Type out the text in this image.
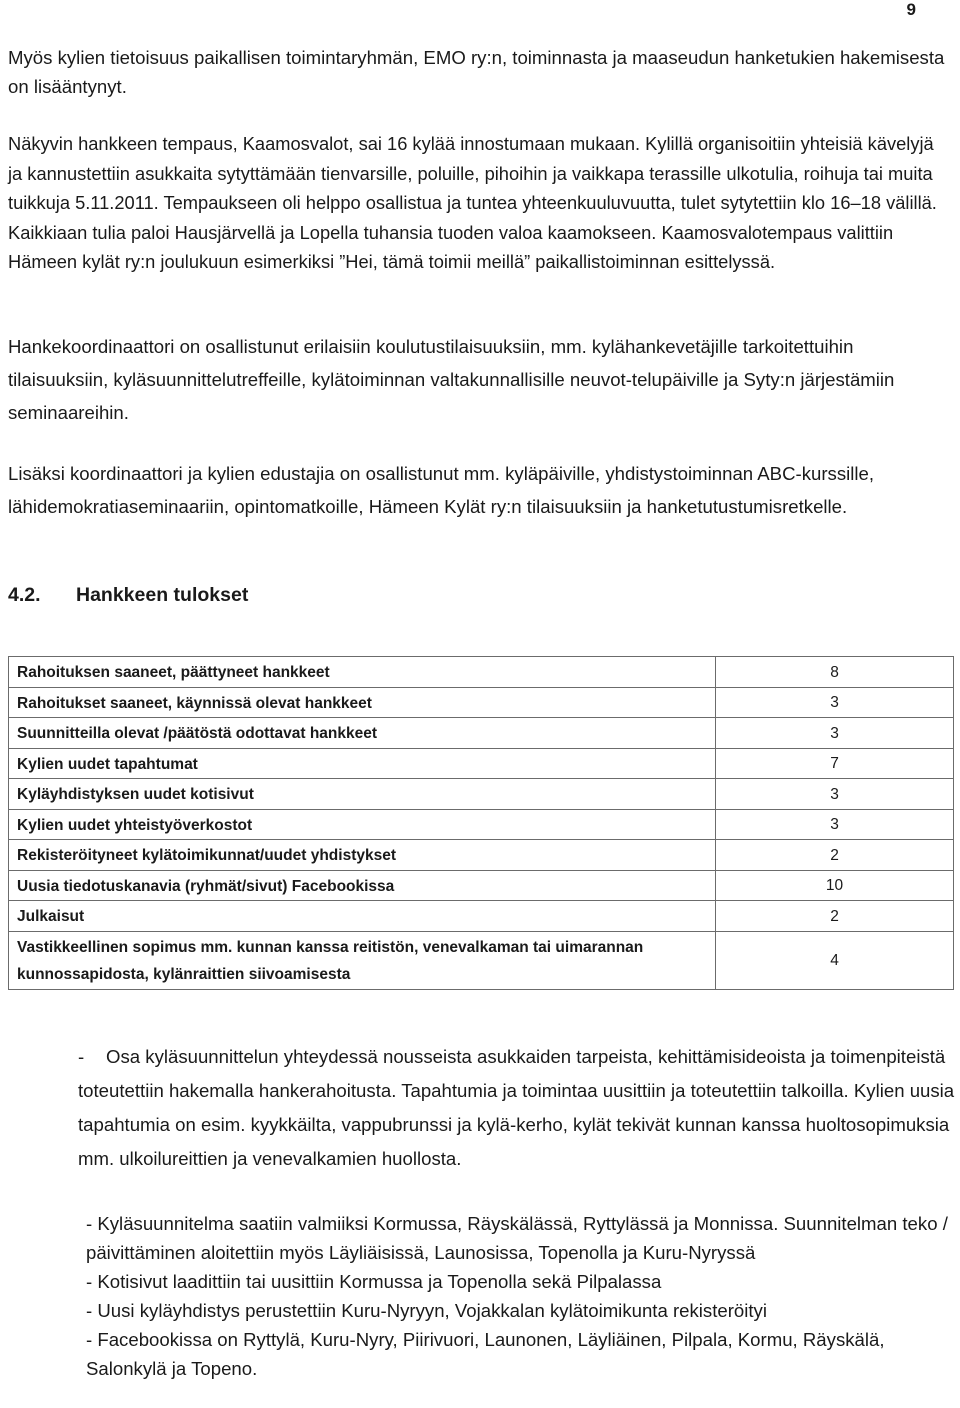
9

Myös kylien tietoisuus paikallisen toimintaryhmän, EMO ry:n, toiminnasta ja maaseudun hanketukien hakemisesta on lisääntynyt.

Näkyvin hankkeen tempaus, Kaamosvalot, sai 16 kylää innostumaan mukaan. Kylillä organisoitiin yhteisiä kävelyjä ja kannustettiin asukkaita sytyttämään tienvarsille, poluille, pihoihin ja vaikkapa terassille ulkotulia, roihuja tai muita tuikkuja 5.11.2011. Tempaukseen oli helppo osallistua ja tuntea yhteenkuuluvuutta, tulet sytytettiin klo 16–18 välillä. Kaikkiaan tulia paloi Hausjärvellä ja Lopella tuhansia tuoden valoa kaamokseen. Kaamosvalotempaus valittiin Hämeen kylät ry:n joulukuun esimerkiksi ”Hei, tämä toimii meillä” paikallistoiminnan esittelyssä.

Hankekoordinaattori on osallistunut erilaisiin koulutustilaisuuksiin, mm. kylähankevetäjille tarkoitettuihin tilaisuuksiin, kyläsuunnittelutreffeille, kylätoiminnan valtakunnallisille neuvot-telupäiville ja Syty:n järjestämiin seminaareihin.

Lisäksi koordinaattori ja kylien edustajia on osallistunut mm. kyläpäiville, yhdistystoiminnan ABC-kurssille, lähidemokratiaseminaariin, opintomatkoille, Hämeen Kylät ry:n tilaisuuksiin ja hanketutustumisretkelle.

4.2. Hankkeen tulokset
Rahoituksen saaneet, päättyneet hankkeet	8
Rahoitukset saaneet, käynnissä olevat hankkeet	3
Suunnitteilla olevat /päätöstä odottavat hankkeet	3
Kylien uudet tapahtumat	7
Kyläyhdistyksen uudet kotisivut	3
Kylien uudet yhteistyöverkostot	3
Rekisteröityneet kylätoimikunnat/uudet yhdistykset	2
Uusia tiedotuskanavia (ryhmät/sivut) Facebookissa	10
Julkaisut	2
Vastikkeellinen sopimus mm. kunnan kanssa reitistön, venevalkaman tai uimarannan kunnossapidosta, kylänraittien siivoamisesta	4

- Osa kyläsuunnittelun yhteydessä nousseista asukkaiden tarpeista, kehittämisideoista ja toimenpiteistä toteutettiin hakemalla hankerahoitusta. Tapahtumia ja toimintaa uusittiin ja toteutettiin talkoilla. Kylien uusia tapahtumia on esim. kyykkäilta, vappubrunssi ja kylä-kerho, kylät tekivät kunnan kanssa huoltosopimuksia mm. ulkoilureittien ja venevalkamien huollosta.

- Kyläsuunnitelma saatiin valmiiksi Kormussa, Räyskälässä, Ryttylässä ja Monnissa. Suunnitelman teko / päivittäminen aloitettiin myös Läyliäisissä, Launosissa, Topenolla ja Kuru-Nyryssä

- Kotisivut laadittiin tai uusittiin Kormussa ja Topenolla sekä Pilpalassa

- Uusi kyläyhdistys perustettiin Kuru-Nyryyn, Vojakkalan kylätoimikunta rekisteröityi

- Facebookissa on Ryttylä, Kuru-Nyry, Piirivuori, Launonen, Läyliäinen, Pilpala, Kormu, Räyskälä, Salonkylä ja Topeno.
